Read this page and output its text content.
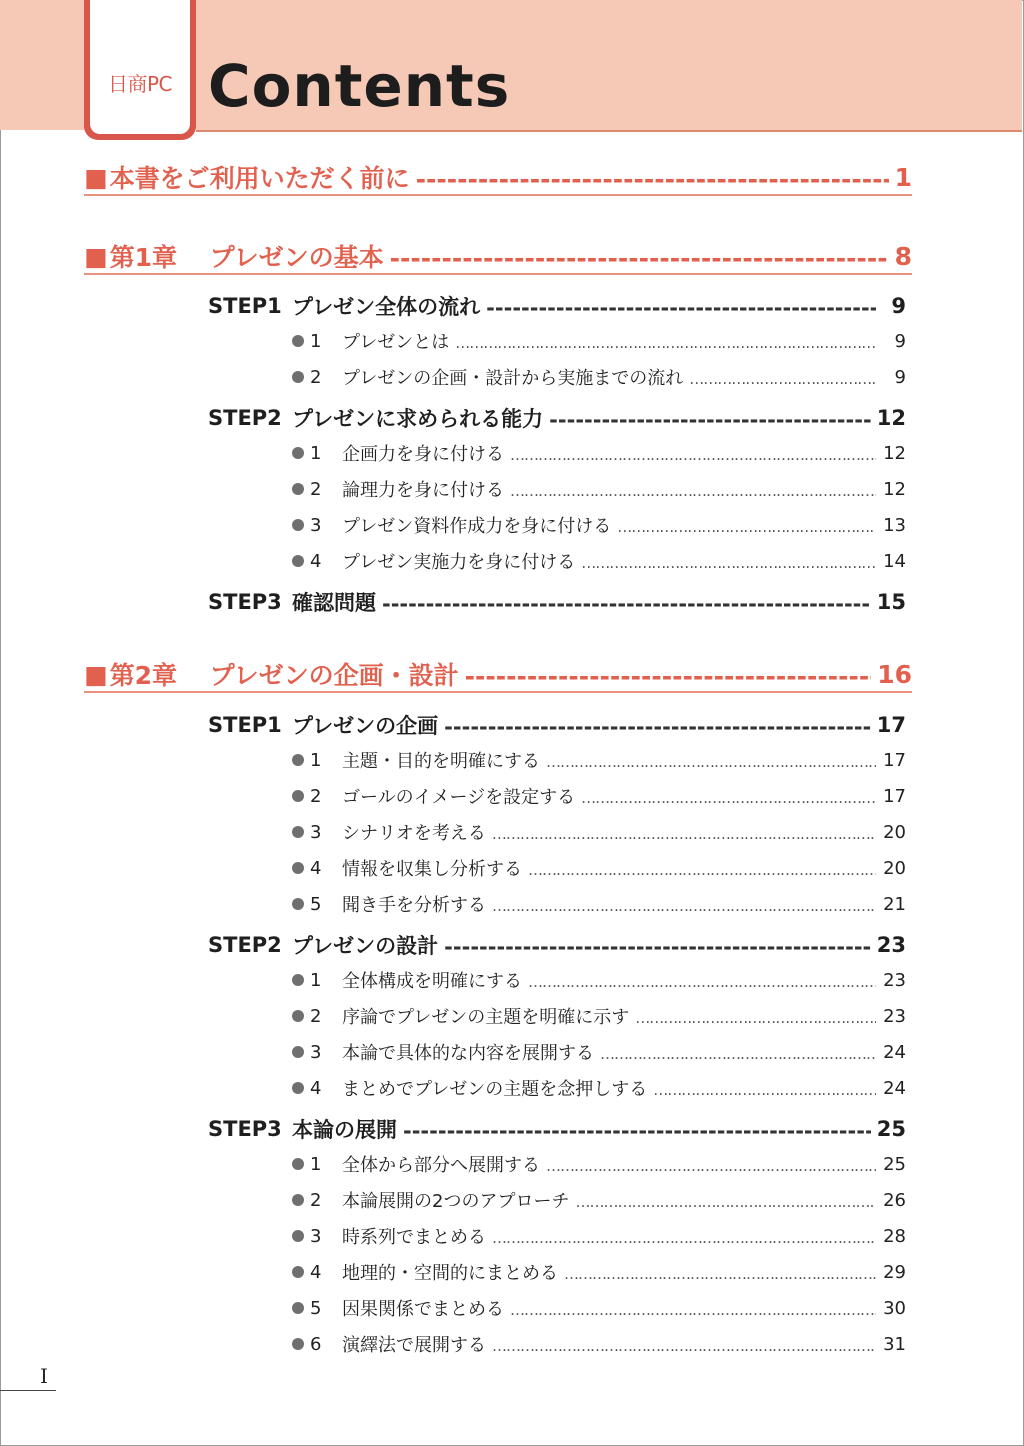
日商PC Contents
■ 本書をご利用いただく前に -----	1
■ 第1章	プレゼンの基本 -----	8
STEP1 プレゼン全体の流れ -----	9
1	プレゼンとは ……………………………………………………………………………………………………………………………………………………	9
2	プレゼンの企画・設計から実施までの流れ ……………………………………………………………………………………………………………………………………………………	9
STEP2 プレゼンに求められる能力 -----	12
1	企画力を身に付ける ……………………………………………………………………………………………………………………………………………………	12
2	論理力を身に付ける ……………………………………………………………………………………………………………………………………………………	12
3	プレゼン資料作成力を身に付ける ……………………………………………………………………………………………………………………………………………………	13
4	プレゼン実施力を身に付ける ……………………………………………………………………………………………………………………………………………………	14
STEP3 確認問題 -----	15
■ 第2章	プレゼンの企画・設計 -----	16
STEP1 プレゼンの企画 -----	17
1	主題・目的を明確にする ……………………………………………………………………………………………………………………………………………………	17
2	ゴールのイメージを設定する ……………………………………………………………………………………………………………………………………………………	17
3	シナリオを考える ……………………………………………………………………………………………………………………………………………………	20
4	情報を収集し分析する ……………………………………………………………………………………………………………………………………………………	20
5	聞き手を分析する ……………………………………………………………………………………………………………………………………………………	21
STEP2 プレゼンの設計 -----	23
1	全体構成を明確にする ……………………………………………………………………………………………………………………………………………………	23
2	序論でプレゼンの主題を明確に示す ……………………………………………………………………………………………………………………………………………………	23
3	本論で具体的な内容を展開する ……………………………………………………………………………………………………………………………………………………	24
4	まとめでプレゼンの主題を念押しする ……………………………………………………………………………………………………………………………………………………	24
STEP3 本論の展開 -----	25
1	全体から部分へ展開する ……………………………………………………………………………………………………………………………………………………	25
2	本論展開の2つのアプローチ ……………………………………………………………………………………………………………………………………………………	26
3	時系列でまとめる ……………………………………………………………………………………………………………………………………………………	28
4	地理的・空間的にまとめる ……………………………………………………………………………………………………………………………………………………	29
5	因果関係でまとめる ……………………………………………………………………………………………………………………………………………………	30
6	演繹法で展開する ……………………………………………………………………………………………………………………………………………………	31
I
